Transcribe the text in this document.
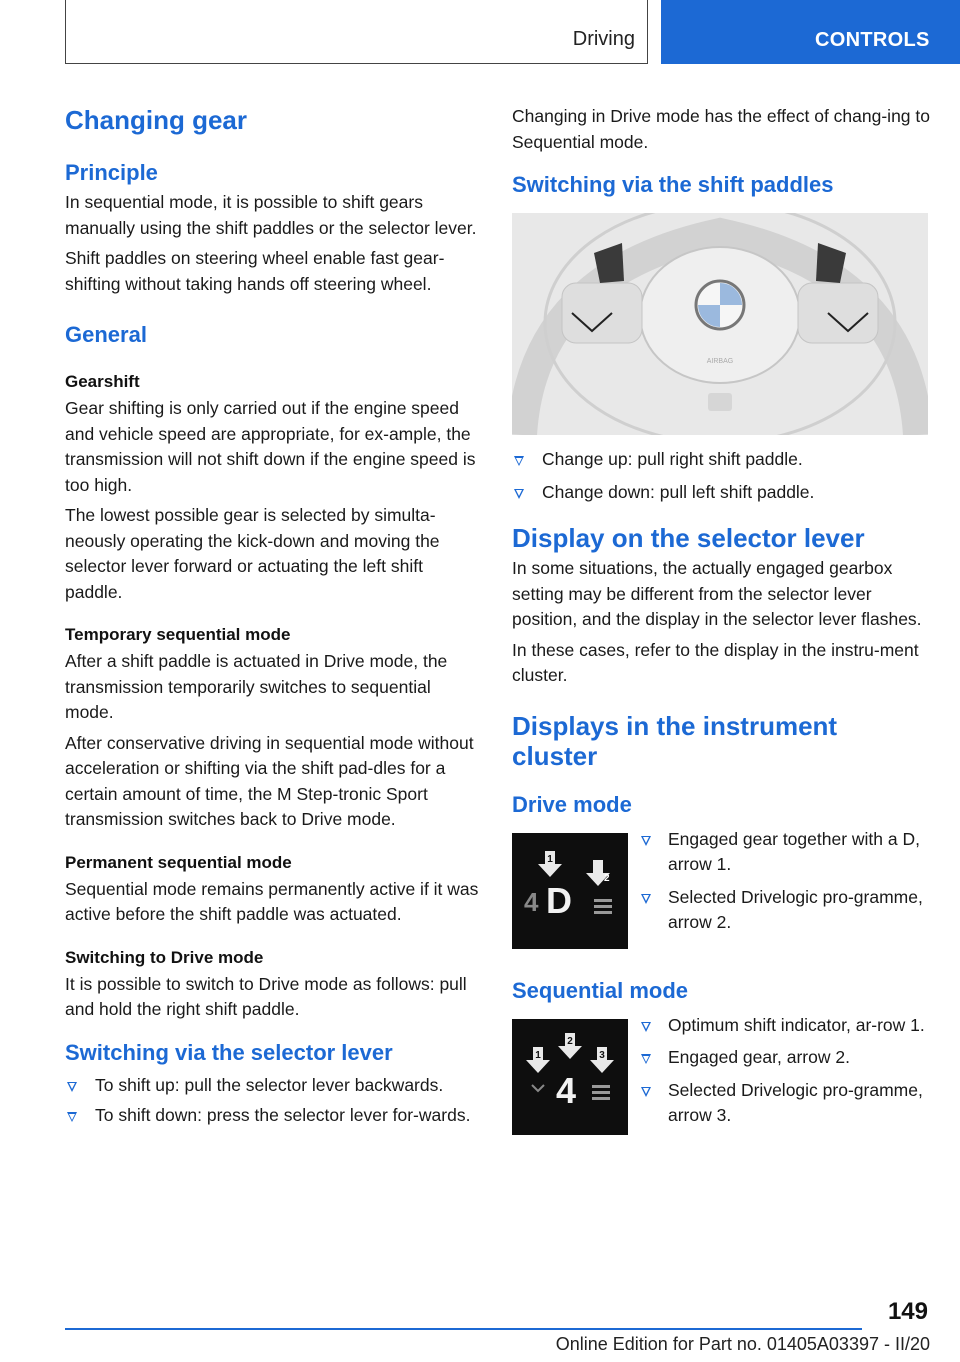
Driving	CONTROLS
Changing gear
Principle

In sequential mode, it is possible to shift gears manually using the shift paddles or the selector lever.

Shift paddles on steering wheel enable fast gear-shifting without taking hands off steering wheel.

General
Gearshift

Gear shifting is only carried out if the engine speed and vehicle speed are appropriate, for ex-ample, the transmission will not shift down if the engine speed is too high.

The lowest possible gear is selected by simulta-neously operating the kick-down and moving the selector lever forward or actuating the left shift paddle.

Temporary sequential mode

After a shift paddle is actuated in Drive mode, the transmission temporarily switches to sequential mode.

After conservative driving in sequential mode without acceleration or shifting via the shift pad-dles for a certain amount of time, the M Step-tronic Sport transmission switches back to Drive mode.

Permanent sequential mode

Sequential mode remains permanently active if it was active before the shift paddle was actuated.

Switching to Drive mode

It is possible to switch to Drive mode as follows: pull and hold the right shift paddle.

Switching via the selector lever
To shift up: pull the selector lever backwards.
To shift down: press the selector lever for-wards.

Changing in Drive mode has the effect of chang-ing to Sequential mode.

Switching via the shift paddles
AIRBAG
Change up: pull right shift paddle.
Change down: pull left shift paddle.
Display on the selector lever

In some situations, the actually engaged gearbox setting may be different from the selector lever position, and the display in the selector lever flashes.

In these cases, refer to the display in the instru-ment cluster.

Displays in the instrument cluster
Drive mode
1
2
4 D
Engaged gear together with a D, arrow 1.
Selected Drivelogic pro-gramme, arrow 2.
Sequential mode
1
2
3
4
Optimum shift indicator, ar-row 1.
Engaged gear, arrow 2.
Selected Drivelogic pro-gramme, arrow 3.
149
Online Edition for Part no. 01405A03397 - II/20
